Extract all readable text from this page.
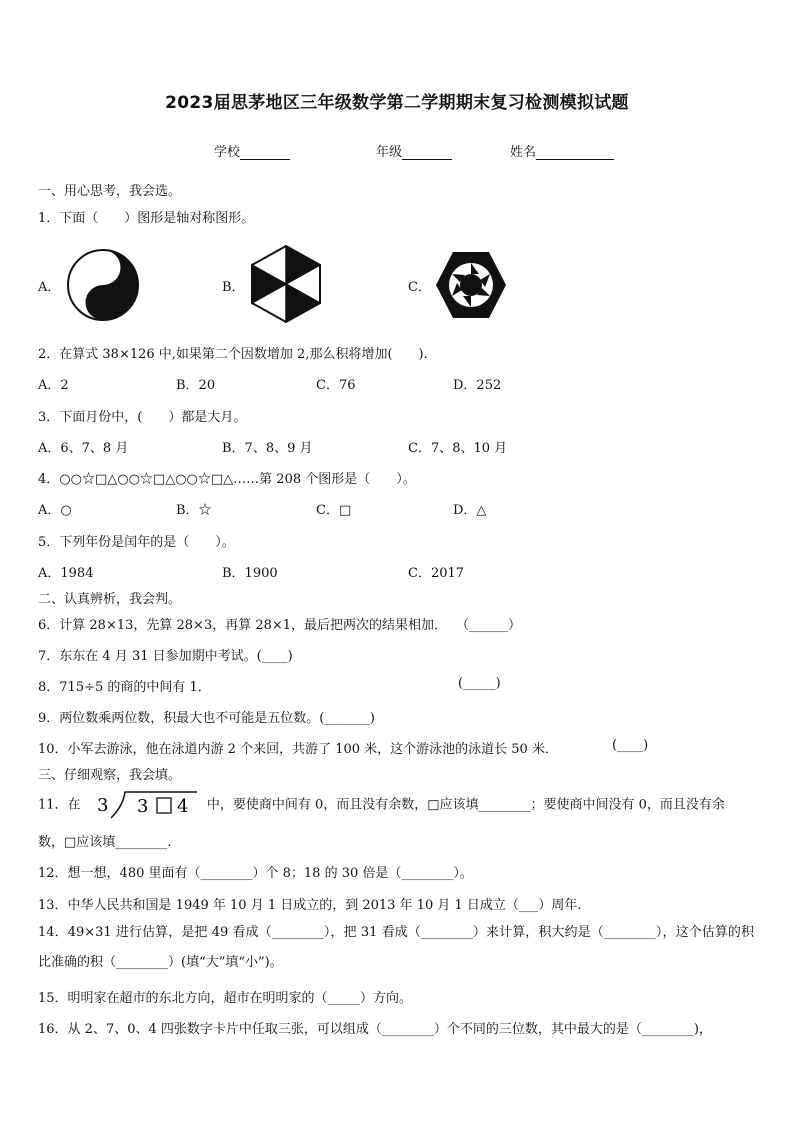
2023届思茅地区三年级数学第二学期期末复习检测模拟试题
学校	年级	姓名
一、用心思考，我会选。
1．下面（　　）图形是轴对称图形。
A．	B．	C．
2．在算式 38×126 中,如果第二个因数增加 2,那么积将增加(　　).
A．2	B．20	C．76	D．252
3．下面月份中，(　　）都是大月。
A．6、7、8 月	B．7、8、9 月	C．7、8、10 月
4．○○☆□△○○☆□△○○☆□△……第 208 个图形是（　　）。
A．○	B．☆	C．□	D．△
5．下列年份是闰年的是（　　）。
A．1984	B．1900	C．2017
二、认真辨析，我会判。
6．计算 28×13，先算 28×3，再算 28×1，最后把两次的结果相加． （______）
7．东东在 4 月 31 日参加期中考试。(____)
8．715÷5 的商的中间有 1．	(_____)
9．两位数乘两位数，积最大也不可能是五位数。(_______)
10．小军去游泳，他在泳道内游 2 个来回，共游了 100 米，这个游泳池的泳道长 50 米．	(____)
三、仔细观察，我会填。
11．在 3 3 4 中，要使商中间有 0，而且没有余数，□应该填________；要使商中间没有 0，而且没有余
数，□应该填________.
12．想一想，480 里面有（________）个 8；18 的 30 倍是（________）。
13．中华人民共和国是 1949 年 10 月 1 日成立的，到 2013 年 10 月 1 日成立（___）周年.
14．49×31 进行估算，是把 49 看成（________），把 31 看成（________）来计算，积大约是（________），这个估算的积比准确的积（________）(填“大”填“小”)。
15．明明家在超市的东北方向，超市在明明家的（_____）方向。
16．从 2、7、0、4 四张数字卡片中任取三张，可以组成（________）个不同的三位数，其中最大的是（________)，
